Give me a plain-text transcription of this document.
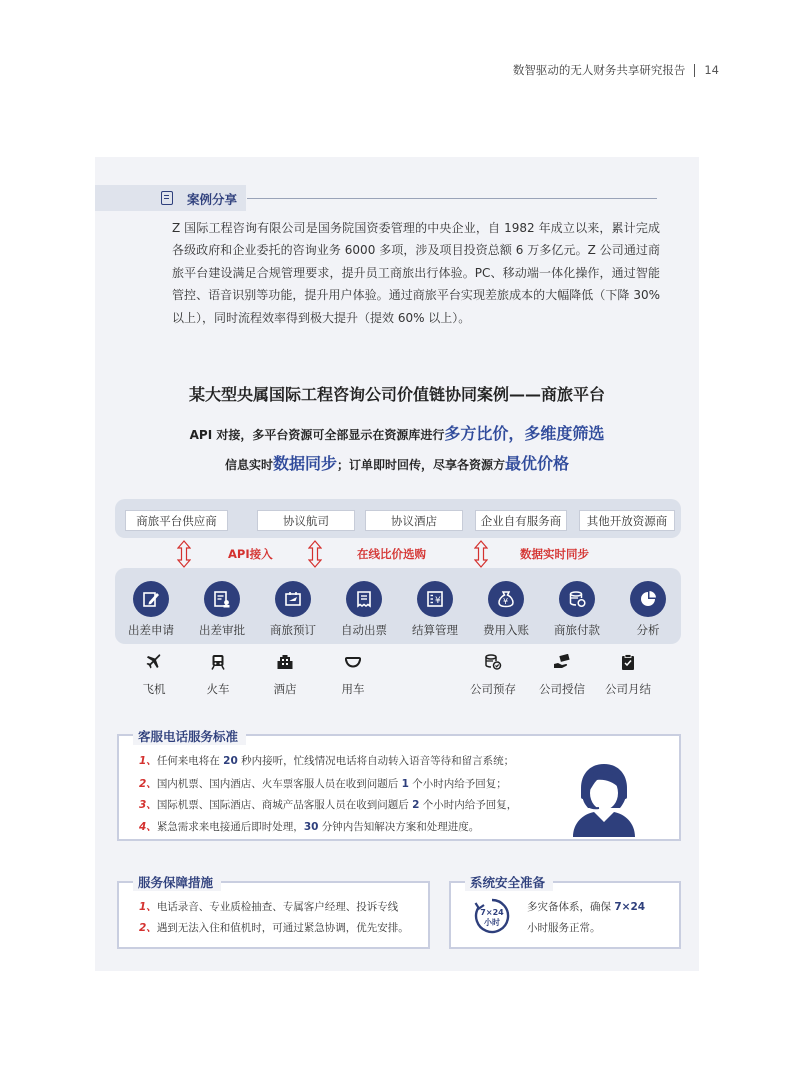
数智驱动的无人财务共享研究报告 14
案例分享
Z 国际工程咨询有限公司是国务院国资委管理的中央企业，自 1982 年成立以来，累计完成各级政府和企业委托的咨询业务 6000 多项，涉及项目投资总额 6 万多亿元。Z 公司通过商旅平台建设满足合规管理要求，提升员工商旅出行体验。PC、移动端一体化操作，通过智能管控、语音识别等功能，提升用户体验。通过商旅平台实现差旅成本的大幅降低（下降 30% 以上），同时流程效率得到极大提升（提效 60% 以上）。
某大型央属国际工程咨询公司价值链协同案例——商旅平台
API 对接，多平台资源可全部显示在资源库进行多方比价，多维度筛选
信息实时数据同步；订单即时回传，尽享各资源方最优价格
商旅平台供应商	协议航司	协议酒店	企业自有服务商	其他开放资源商
API接入	在线比价选购	数据实时同步
出差申请	出差审批	商旅预订	自动出票
¥
结算管理
¥
费用入账	商旅付款	分析
飞机	火车	酒店	用车	公司预存	公司授信	公司月结
客服电话服务标准
1、任何来电将在 20 秒内接听，忙线情况电话将自动转入语音等待和留言系统；
2、国内机票、国内酒店、火车票客服人员在收到问题后 1 个小时内给予回复；
3、国际机票、国际酒店、商城产品客服人员在收到问题后 2 个小时内给予回复，
4、紧急需求来电接通后即时处理，30 分钟内告知解决方案和处理进度。
服务保障措施
1、电话录音、专业质检抽查、专属客户经理、投诉专线
2、遇到无法入住和值机时，可通过紧急协调，优先安排。
系统安全准备
7×24
小时
多灾备体系，确保 7×24
小时服务正常。
